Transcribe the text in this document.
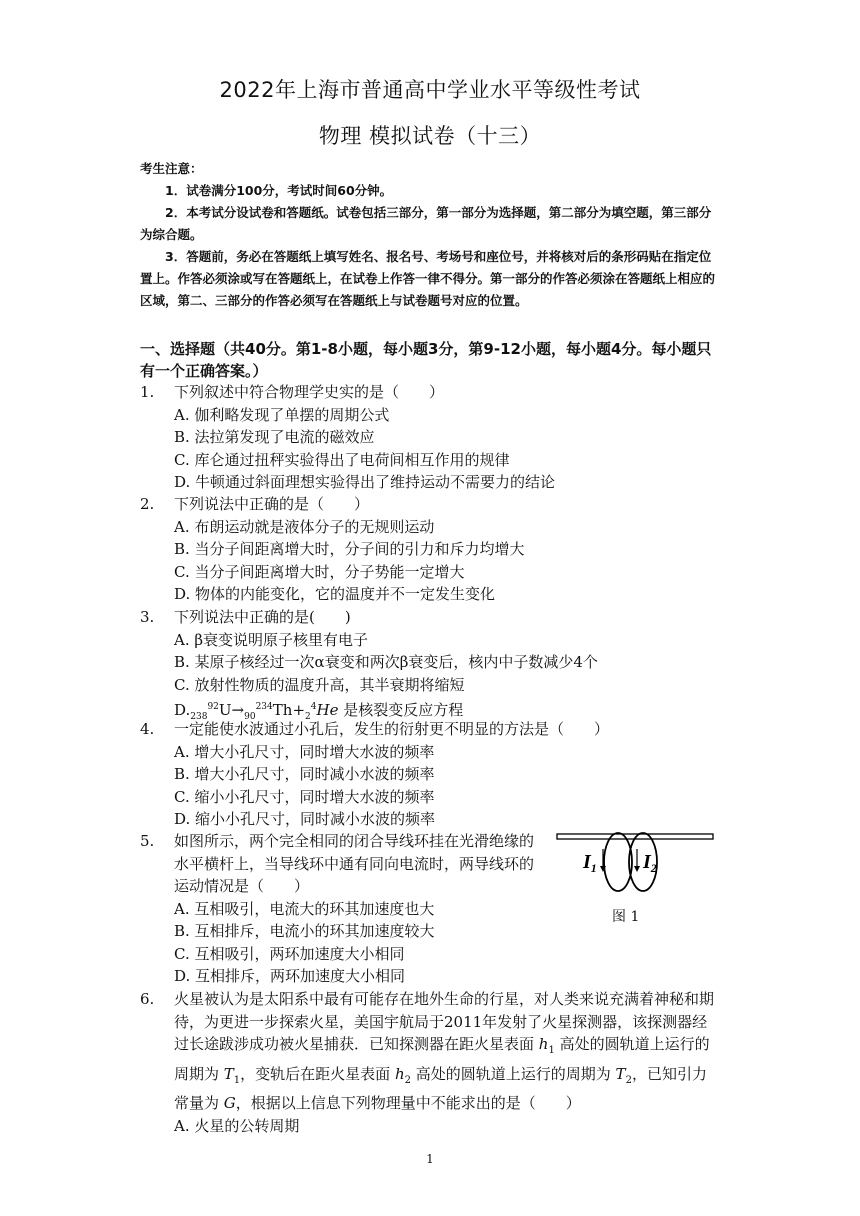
2022年上海市普通高中学业水平等级性考试
物理 模拟试卷（十三）
考生注意：
1．试卷满分100分，考试时间60分钟。
2．本考试分设试卷和答题纸。试卷包括三部分，第一部分为选择题，第二部分为填空题，第三部分为综合题。
3．答题前，务必在答题纸上填写姓名、报名号、考场号和座位号，并将核对后的条形码贴在指定位置上。作答必须涂或写在答题纸上，在试卷上作答一律不得分。第一部分的作答必须涂在答题纸上相应的区域，第二、三部分的作答必须写在答题纸上与试卷题号对应的位置。
一、选择题（共40分。第1-8小题，每小题3分，第9-12小题，每小题4分。每小题只有一个正确答案。）
1. 下列叙述中符合物理学史实的是（　　）
A. 伽利略发现了单摆的周期公式
B. 法拉第发现了电流的磁效应
C. 库仑通过扭秤实验得出了电荷间相互作用的规律
D. 牛顿通过斜面理想实验得出了维持运动不需要力的结论
2. 下列说法中正确的是（　　）
A. 布朗运动就是液体分子的无规则运动
B. 当分子间距离增大时，分子间的引力和斥力均增大
C. 当分子间距离增大时，分子势能一定增大
D. 物体的内能变化，它的温度并不一定发生变化
3. 下列说法中正确的是(　　)
A. β衰变说明原子核里有电子
B. 某原子核经过一次α衰变和两次β衰变后，核内中子数减少4个
C. 放射性物质的温度升高，其半衰期将缩短
$D._{238}^{92}U\to_{90}^{234}Th+_2^4He$ 是核裂变反应方程
4. 一定能使水波通过小孔后，发生的衍射更不明显的方法是（　　）
A. 增大小孔尺寸，同时增大水波的频率
B. 增大小孔尺寸，同时减小水波的频率
C. 缩小小孔尺寸，同时增大水波的频率
D. 缩小小孔尺寸，同时减小水波的频率
5. 如图所示，两个完全相同的闭合导线环挂在光滑绝缘的水平横杆上，当导线环中通有同向电流时，两导线环的运动情况是（　　）
A. 互相吸引，电流大的环其加速度也大
B. 互相排斥，电流小的环其加速度较大
C. 互相吸引，两环加速度大小相同
D. 互相排斥，两环加速度大小相同
$I_1$ $I_2$
图 1
6. 火星被认为是太阳系中最有可能存在地外生命的行星，对人类来说充满着神秘和期待，为更进一步探索火星，美国宇航局于2011年发射了火星探测器，该探测器经过长途跋涉成功被火星捕获．已知探测器在距火星表面 $h_1$ 高处的圆轨道上运行的周期为 $T_1$，变轨后在距火星表面 $h_2$ 高处的圆轨道上运行的周期为 $T_2$，已知引力常量为 G，根据以上信息下列物理量中不能求出的是（　　）
A. 火星的公转周期
1
